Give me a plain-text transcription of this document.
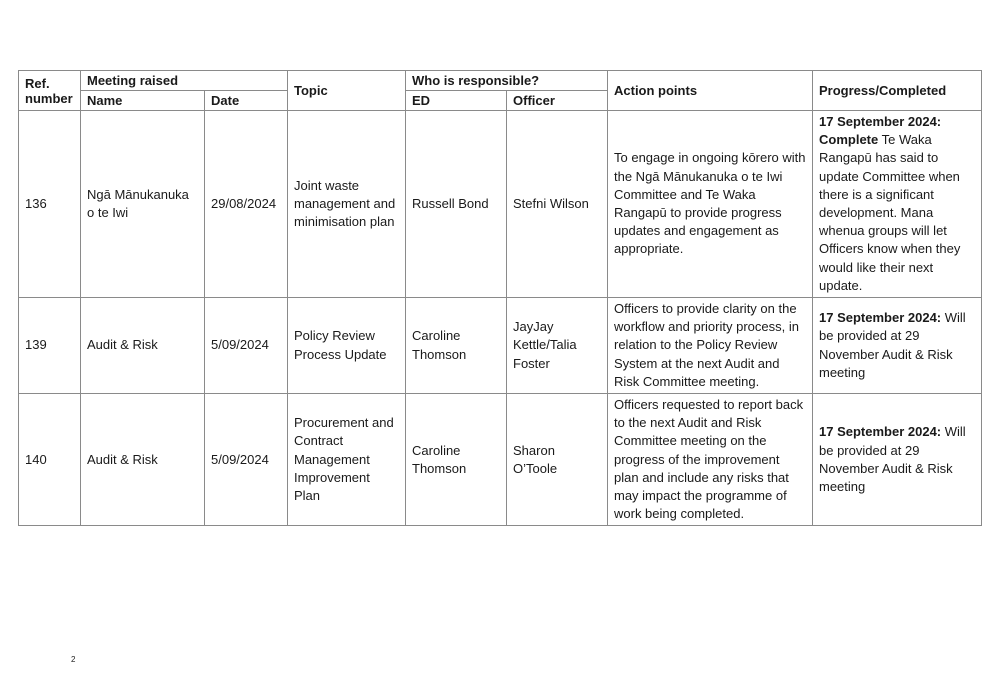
Ref. number	Meeting raised		Topic	Who is responsible?		Action points	Progress/Completed
	Name	Date		ED	Officer		
136	Ngā Mānukanuka o te Iwi	29/08/2024	Joint waste management and minimisation plan	Russell Bond	Stefni Wilson	To engage in ongoing kōrero with the Ngā Mānukanuka o te Iwi Committee and Te Waka Rangapū to provide progress updates and engagement as appropriate.	17 September 2024: Complete Te Waka Rangapū has said to update Committee when there is a significant development. Mana whenua groups will let Officers know when they would like their next update.
139	Audit & Risk	5/09/2024	Policy Review Process Update	Caroline Thomson	JayJay Kettle/Talia Foster	Officers to provide clarity on the workflow and priority process, in relation to the Policy Review System at the next Audit and Risk Committee meeting.	17 September 2024: Will be provided at 29 November Audit & Risk meeting
140	Audit & Risk	5/09/2024	Procurement and Contract Management Improvement Plan	Caroline Thomson	Sharon O’Toole	Officers requested to report back to the next Audit and Risk Committee meeting on the progress of the improvement plan and include any risks that may impact the programme of work being completed.	17 September 2024: Will be provided at 29 November Audit & Risk meeting
2
